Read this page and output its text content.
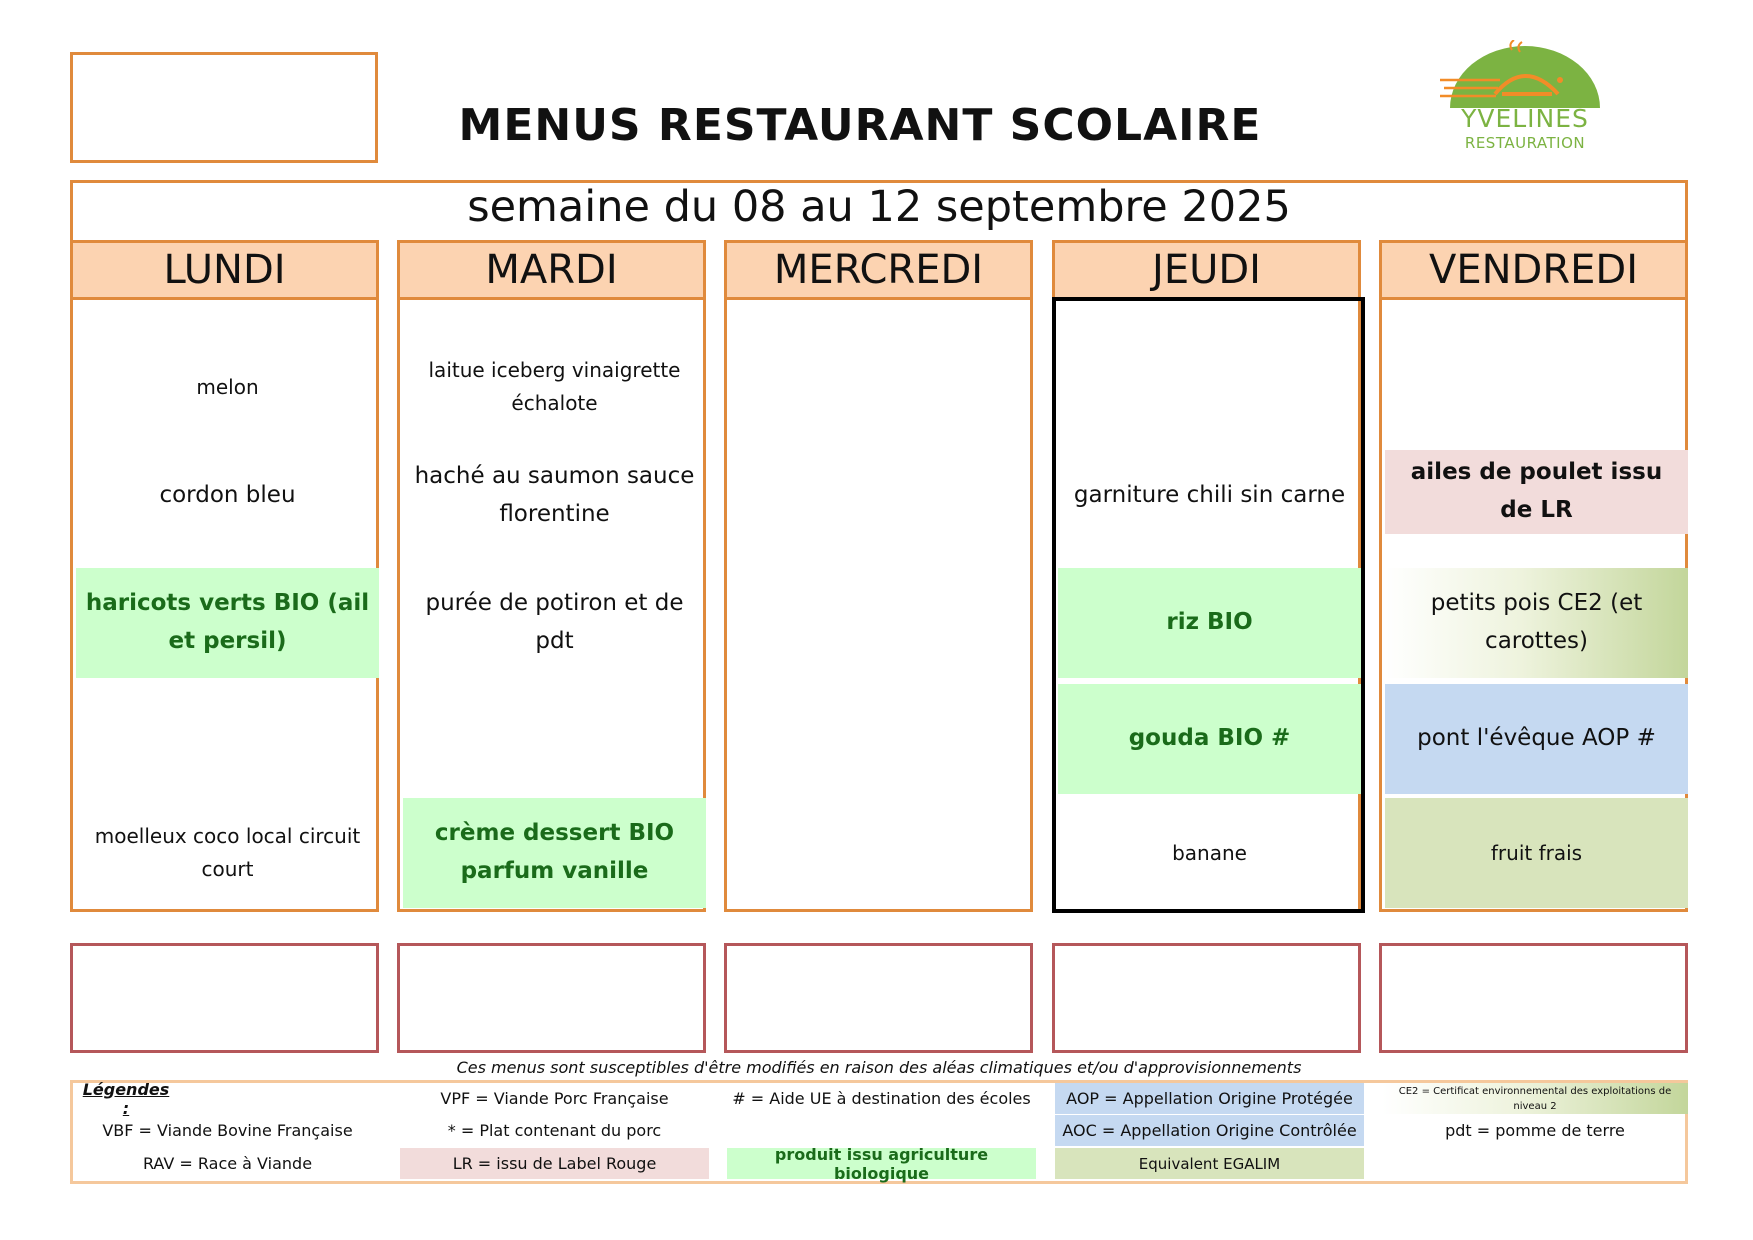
MENUS RESTAURANT SCOLAIRE	YVELINES
RESTAURATION
semaine du 08 au 12 septembre 2025
LUNDI
melon
cordon bleu
haricots verts BIO (ail et persil)
moelleux coco local circuit court
MARDI
laitue iceberg vinaigrette échalote
haché au saumon sauce florentine
purée de potiron et de pdt
crème dessert BIO parfum vanille
MERCREDI	JEUDI
garniture chili sin carne
riz BIO
gouda BIO #
banane
VENDREDI
ailes de poulet issu de LR
petits pois CE2 (et carottes)
pont l'évêque AOP #
fruit frais
Ces menus sont susceptibles d'être modifiés en raison des aléas climatiques et/ou d'approvisionnements
Légendes :
VBF = Viande Bovine Française
RAV = Race à Viande
VPF = Viande Porc Française
* = Plat contenant du porc
LR = issu de Label Rouge
# = Aide UE à destination des écoles
produit issu agriculture biologique
AOP = Appellation Origine Protégée
AOC = Appellation Origine Contrôlée
Equivalent EGALIM
CE2 = Certificat environnemental des exploitations de niveau 2
pdt = pomme de terre
